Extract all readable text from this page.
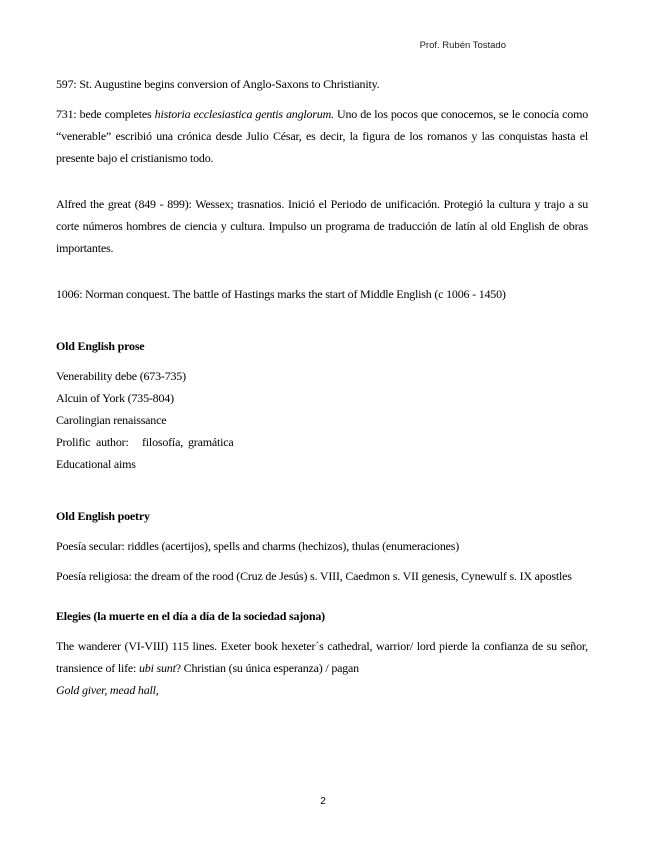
Prof. Rubén Tostado

597: St. Augustine begins conversion of Anglo-Saxons to Christianity.

731: bede completes historia ecclesiastica gentis anglorum. Uno de los pocos que conocemos, se le conocía como “venerable” escribió una crónica desde Julio César, es decir, la figura de los romanos y las conquistas hasta el presente bajo el cristianismo todo.

Alfred the great (849 - 899): Wessex; trasnatios. Inició el Periodo de unificación. Protegió la cultura y trajo a su corte números hombres de ciencia y cultura. Impulso un programa de traducción de latín al old English de obras importantes.

1006: Norman conquest. The battle of Hastings marks the start of Middle English (c 1006 - 1450)

Old English prose

Venerability debe (673-735)

Alcuin of York (735-804)

Carolingian renaissance

Prolific author: filosofía, gramática

Educational aims

Old English poetry

Poesía secular: riddles (acertijos), spells and charms (hechizos), thulas (enumeraciones)

Poesía religiosa: the dream of the rood (Cruz de Jesús) s. VIII, Caedmon s. VII genesis, Cynewulf s. IX apostles

Elegies (la muerte en el día a día de la sociedad sajona)

The wanderer (VI-VIII) 115 lines. Exeter book hexeter´s cathedral, warrior/ lord pierde la confianza de su señor, transience of life: ubi sunt? Christian (su única esperanza) / pagan

Gold giver, mead hall,

2
